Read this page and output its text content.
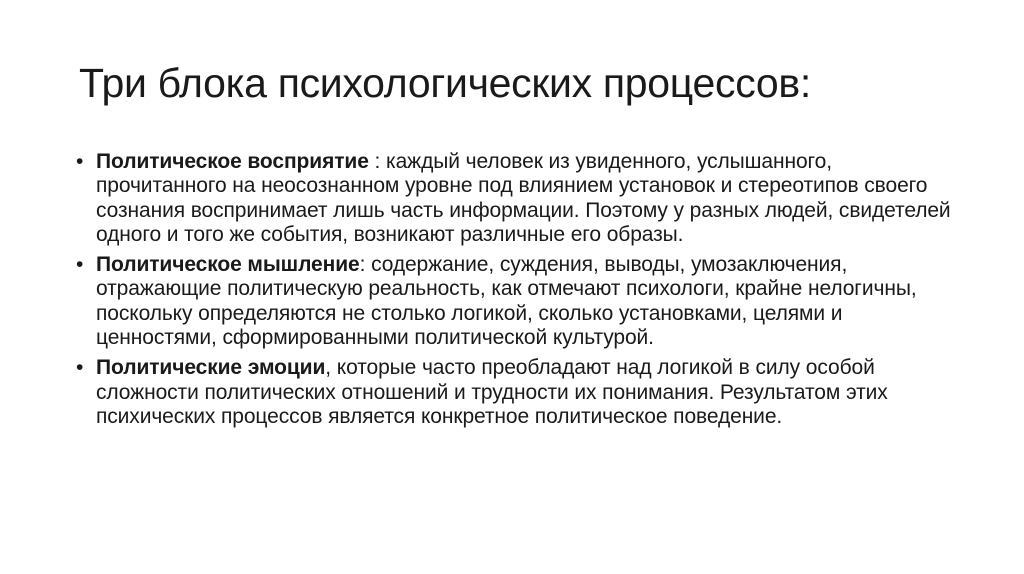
Три блока психологических процессов:
• Политическое восприятие : каждый человек из увиденного, услышанного, прочитанного на неосознанном уровне под влиянием установок и стереотипов своего сознания воспринимает лишь часть информации. Поэтому у разных людей, свидетелей одного и того же события, возникают различные его образы.
• Политическое мышление: содержание, суждения, выводы, умозаключения, отражающие политическую реальность, как отмечают психологи, крайне нелогичны, поскольку определяются не столько логикой, сколько установками, целями и ценностями, сформированными политической культурой.
• Политические эмоции, которые часто преобладают над логикой в силу особой сложности политических отношений и трудности их понимания. Результатом этих психических процессов является конкретное политическое поведение.
